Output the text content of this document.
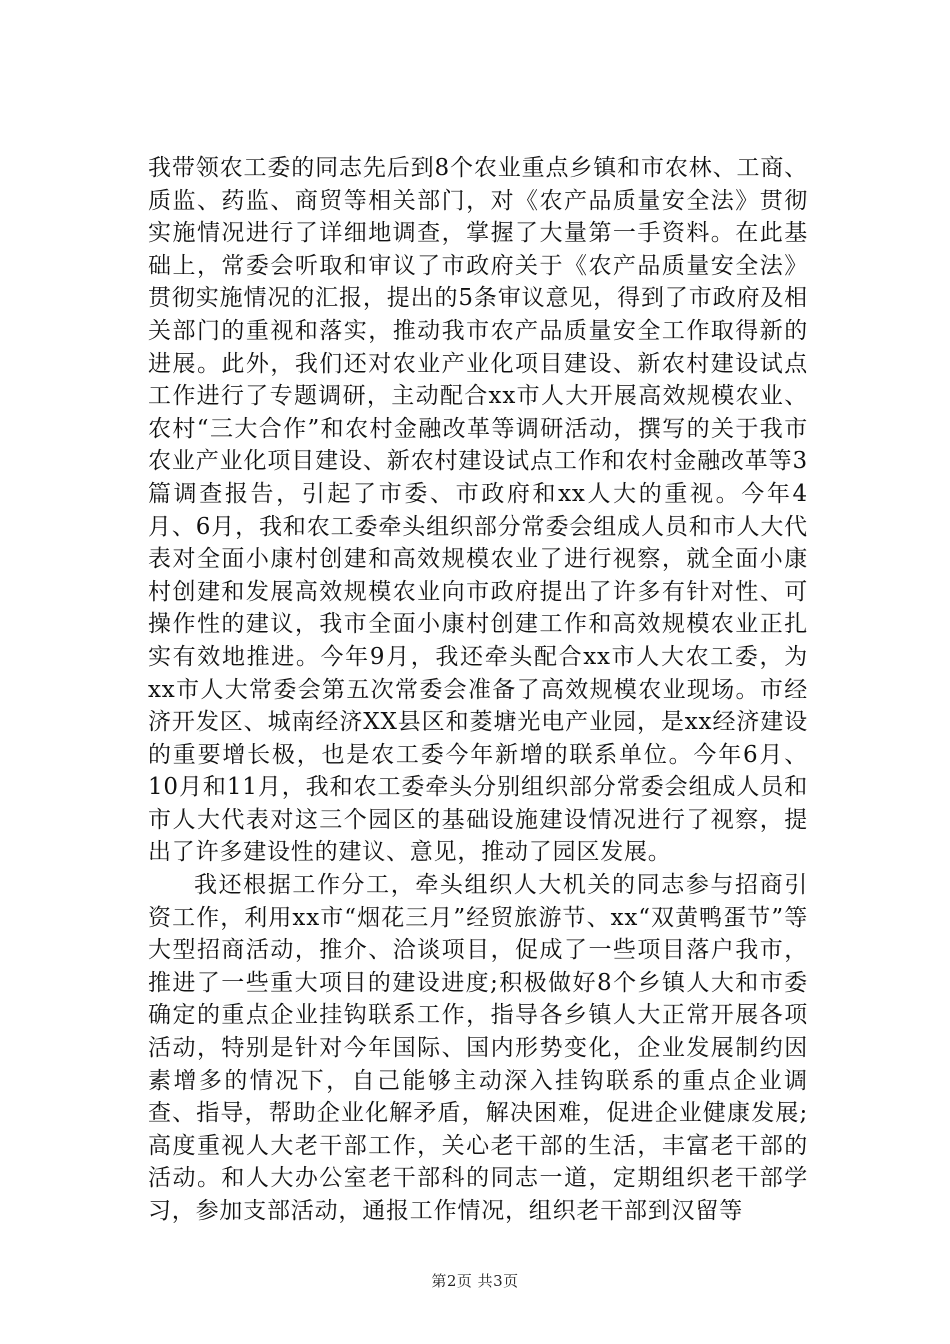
我带领农工委的同志先后到8个农业重点乡镇和市农林、工商、质监、药监、商贸等相关部门，对《农产品质量安全法》贯彻实施情况进行了详细地调查，掌握了大量第一手资料。在此基础上，常委会听取和审议了市政府关于《农产品质量安全法》贯彻实施情况的汇报，提出的5条审议意见，得到了市政府及相关部门的重视和落实，推动我市农产品质量安全工作取得新的进展。此外，我们还对农业产业化项目建设、新农村建设试点工作进行了专题调研，主动配合xx市人大开展高效规模农业、农村“三大合作”和农村金融改革等调研活动，撰写的关于我市农业产业化项目建设、新农村建设试点工作和农村金融改革等3篇调查报告，引起了市委、市政府和xx人大的重视。今年4月、6月，我和农工委牵头组织部分常委会组成人员和市人大代表对全面小康村创建和高效规模农业了进行视察，就全面小康村创建和发展高效规模农业向市政府提出了许多有针对性、可操作性的建议，我市全面小康村创建工作和高效规模农业正扎实有效地推进。今年9月，我还牵头配合xx市人大农工委，为xx市人大常委会第五次常委会准备了高效规模农业现场。市经济开发区、城南经济XX县区和菱塘光电产业园，是xx经济建设的重要增长极，也是农工委今年新增的联系单位。今年6月、10月和11月，我和农工委牵头分别组织部分常委会组成人员和市人大代表对这三个园区的基础设施建设情况进行了视察，提出了许多建设性的建议、意见，推动了园区发展。

我还根据工作分工，牵头组织人大机关的同志参与招商引资工作，利用xx市“烟花三月”经贸旅游节、xx“双黄鸭蛋节”等大型招商活动，推介、洽谈项目，促成了一些项目落户我市，推进了一些重大项目的建设进度;积极做好8个乡镇人大和市委确定的重点企业挂钩联系工作，指导各乡镇人大正常开展各项活动，特别是针对今年国际、国内形势变化，企业发展制约因素增多的情况下，自己能够主动深入挂钩联系的重点企业调查、指导，帮助企业化解矛盾，解决困难，促进企业健康发展;高度重视人大老干部工作，关心老干部的生活，丰富老干部的活动。和人大办公室老干部科的同志一道，定期组织老干部学习，参加支部活动，通报工作情况，组织老干部到汉留等

第2页 共3页
